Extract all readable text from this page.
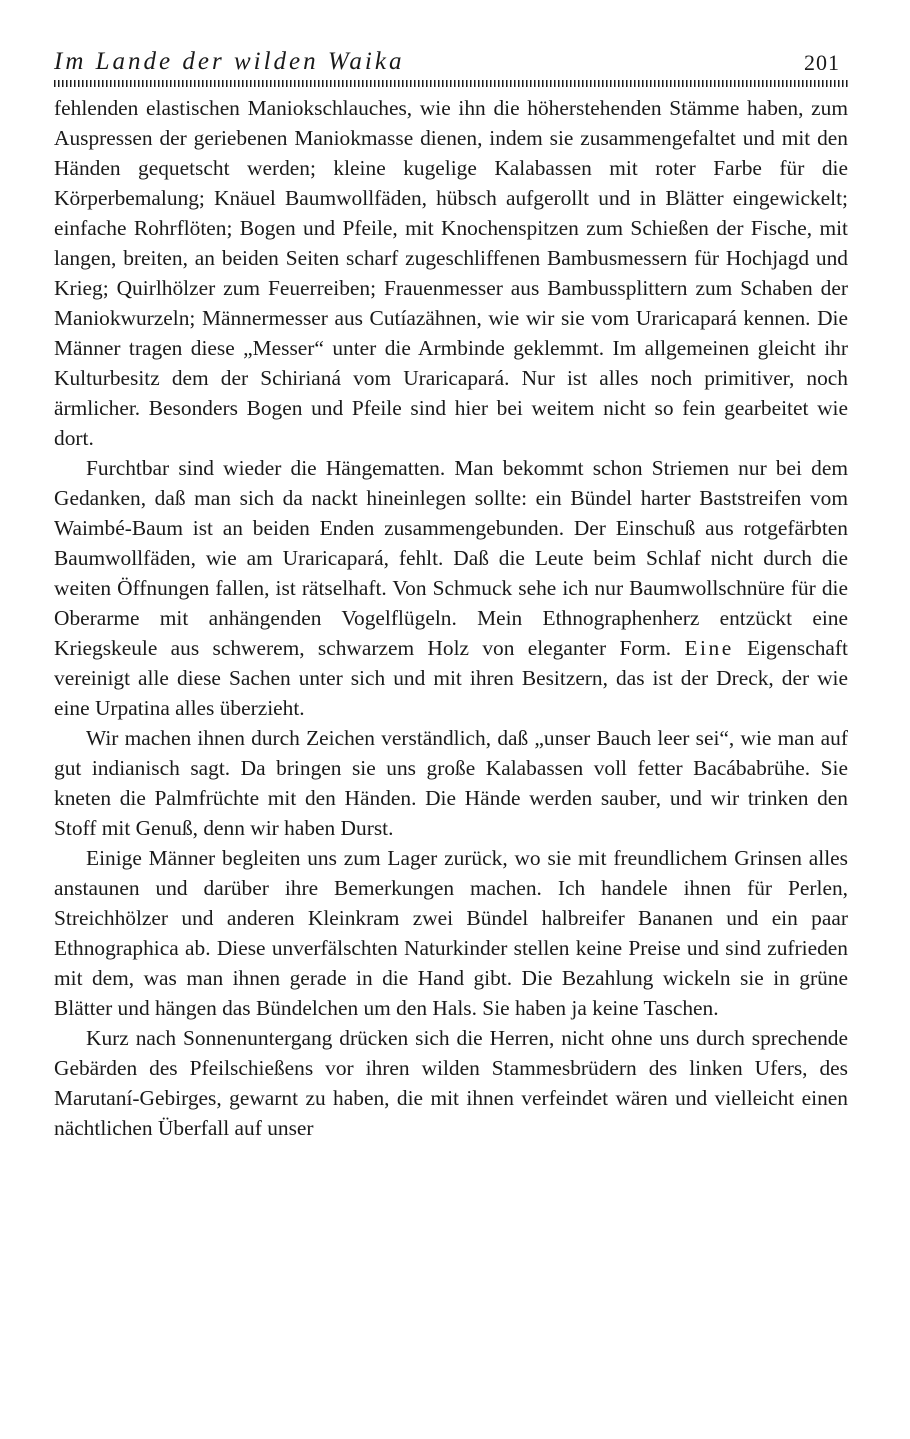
Im Lande der wilden Waika	201

fehlenden elastischen Maniokschlauches, wie ihn die höherstehenden Stämme haben, zum Auspressen der geriebenen Maniokmasse dienen, indem sie zusammengefaltet und mit den Händen gequetscht werden; kleine kugelige Kalabassen mit roter Farbe für die Körperbemalung; Knäuel Baumwollfäden, hübsch aufgerollt und in Blätter eingewickelt; einfache Rohrflöten; Bogen und Pfeile, mit Knochenspitzen zum Schießen der Fische, mit langen, breiten, an beiden Seiten scharf zugeschliffenen Bambusmessern für Hochjagd und Krieg; Quirlhölzer zum Feuerreiben; Frauenmesser aus Bambussplittern zum Schaben der Maniokwurzeln; Männermesser aus Cutíazähnen, wie wir sie vom Uraricapará kennen. Die Männer tragen diese „Messer“ unter die Armbinde geklemmt. Im allgemeinen gleicht ihr Kulturbesitz dem der Schirianá vom Uraricapará. Nur ist alles noch primitiver, noch ärmlicher. Besonders Bogen und Pfeile sind hier bei weitem nicht so fein gearbeitet wie dort.

Furchtbar sind wieder die Hängematten. Man bekommt schon Striemen nur bei dem Gedanken, daß man sich da nackt hineinlegen sollte: ein Bündel harter Baststreifen vom Waimbé-Baum ist an beiden Enden zusammengebunden. Der Einschuß aus rotgefärbten Baumwollfäden, wie am Uraricapará, fehlt. Daß die Leute beim Schlaf nicht durch die weiten Öffnungen fallen, ist rätselhaft. Von Schmuck sehe ich nur Baumwollschnüre für die Oberarme mit anhängenden Vogelflügeln. Mein Ethnographenherz entzückt eine Kriegskeule aus schwerem, schwarzem Holz von eleganter Form. Eine Eigenschaft vereinigt alle diese Sachen unter sich und mit ihren Besitzern, das ist der Dreck, der wie eine Urpatina alles überzieht.

Wir machen ihnen durch Zeichen verständlich, daß „unser Bauch leer sei“, wie man auf gut indianisch sagt. Da bringen sie uns große Kalabassen voll fetter Bacábabrühe. Sie kneten die Palmfrüchte mit den Händen. Die Hände werden sauber, und wir trinken den Stoff mit Genuß, denn wir haben Durst.

Einige Männer begleiten uns zum Lager zurück, wo sie mit freundlichem Grinsen alles anstaunen und darüber ihre Bemerkungen machen. Ich handele ihnen für Perlen, Streichhölzer und anderen Kleinkram zwei Bündel halbreifer Bananen und ein paar Ethnographica ab. Diese unverfälschten Naturkinder stellen keine Preise und sind zufrieden mit dem, was man ihnen gerade in die Hand gibt. Die Bezahlung wickeln sie in grüne Blätter und hängen das Bündelchen um den Hals. Sie haben ja keine Taschen.

Kurz nach Sonnenuntergang drücken sich die Herren, nicht ohne uns durch sprechende Gebärden des Pfeilschießens vor ihren wilden Stammesbrüdern des linken Ufers, des Marutaní-Gebirges, gewarnt zu haben, die mit ihnen verfeindet wären und vielleicht einen nächtlichen Überfall auf unser
